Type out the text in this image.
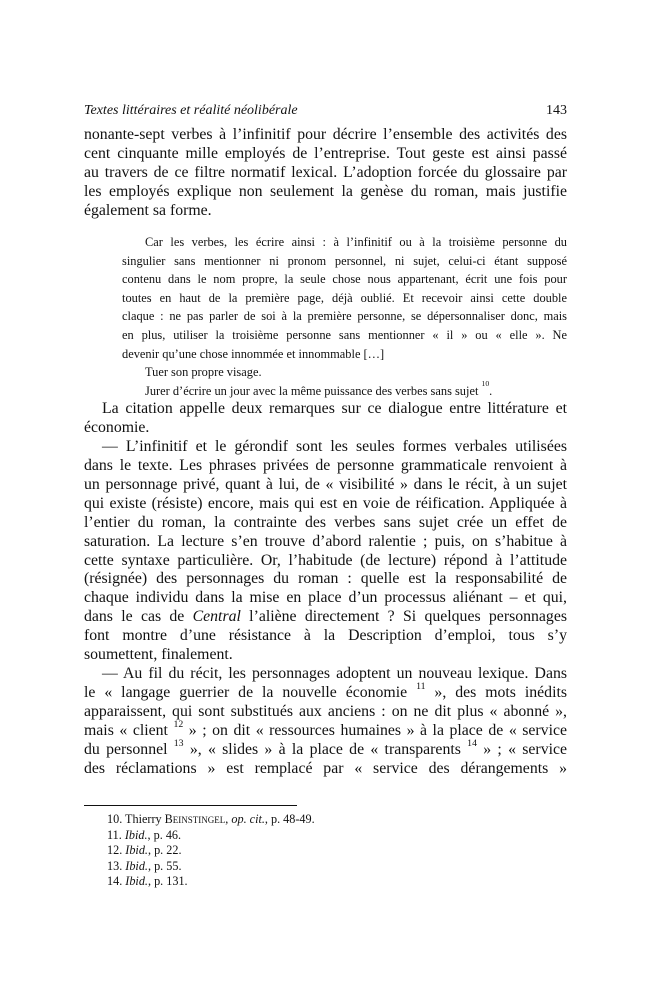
Textes littéraires et réalité néolibérale	143
nonante-sept verbes à l’infinitif pour décrire l’ensemble des activités des
cent cinquante mille employés de l’entreprise. Tout geste est ainsi passé
au travers de ce filtre normatif lexical. L’adoption forcée du glossaire par
les employés explique non seulement la genèse du roman, mais justifie
également sa forme.
Car les verbes, les écrire ainsi : à l’infinitif ou à la troisième personne du
singulier sans mentionner ni pronom personnel, ni sujet, celui-ci étant supposé
contenu dans le nom propre, la seule chose nous appartenant, écrit une fois pour
toutes en haut de la première page, déjà oublié. Et recevoir ainsi cette double
claque : ne pas parler de soi à la première personne, se dépersonnaliser donc, mais
en plus, utiliser la troisième personne sans mentionner « il » ou « elle ». Ne
devenir qu’une chose innommée et innommable […]
Tuer son propre visage.
Jurer d’écrire un jour avec la même puissance des verbes sans sujet $^{10}$.
La citation appelle deux remarques sur ce dialogue entre littérature et
économie.
— L’infinitif et le gérondif sont les seules formes verbales utilisées
dans le texte. Les phrases privées de personne grammaticale renvoient à
un personnage privé, quant à lui, de « visibilité » dans le récit, à un sujet
qui existe (résiste) encore, mais qui est en voie de réification. Appliquée à
l’entier du roman, la contrainte des verbes sans sujet crée un effet de
saturation. La lecture s’en trouve d’abord ralentie ; puis, on s’habitue à
cette syntaxe particulière. Or, l’habitude (de lecture) répond à l’attitude
(résignée) des personnages du roman : quelle est la responsabilité de
chaque individu dans la mise en place d’un processus aliénant – et qui,
dans le cas de Central l’aliène directement ? Si quelques personnages
font montre d’une résistance à la Description d’emploi, tous s’y
soumettent, finalement.
— Au fil du récit, les personnages adoptent un nouveau lexique. Dans
le « langage guerrier de la nouvelle économie $^{11}$ », des mots inédits
apparaissent, qui sont substitués aux anciens : on ne dit plus « abonné »,
mais « client $^{12}$ » ; on dit « ressources humaines » à la place de « service
du personnel $^{13}$ », « slides » à la place de « transparents $^{14}$ » ; « service
des réclamations » est remplacé par « service des dérangements »
10. Thierry Beinstingel, op. cit., p. 48-49.
11. Ibid., p. 46.
12. Ibid., p. 22.
13. Ibid., p. 55.
14. Ibid., p. 131.
